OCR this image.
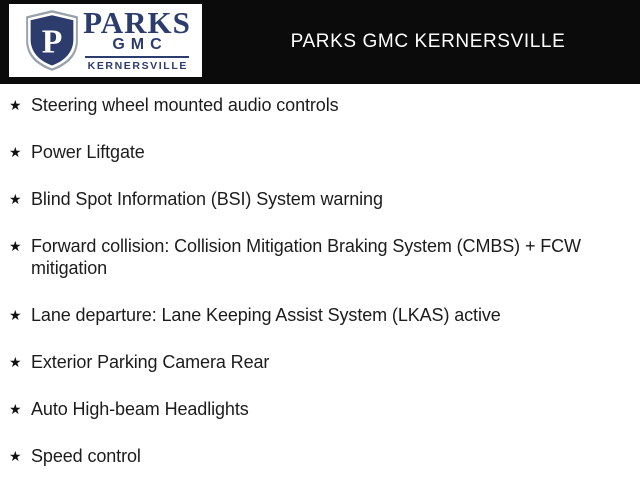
P
PARKS
GMC
KERNERSVILLE
PARKS GMC KERNERSVILLE
★ Steering wheel mounted audio controls
★ Power Liftgate
★ Blind Spot Information (BSI) System warning
★ Forward collision: Collision Mitigation Braking System (CMBS) + FCW mitigation
★ Lane departure: Lane Keeping Assist System (LKAS) active
★ Exterior Parking Camera Rear
★ Auto High-beam Headlights
★ Speed control
